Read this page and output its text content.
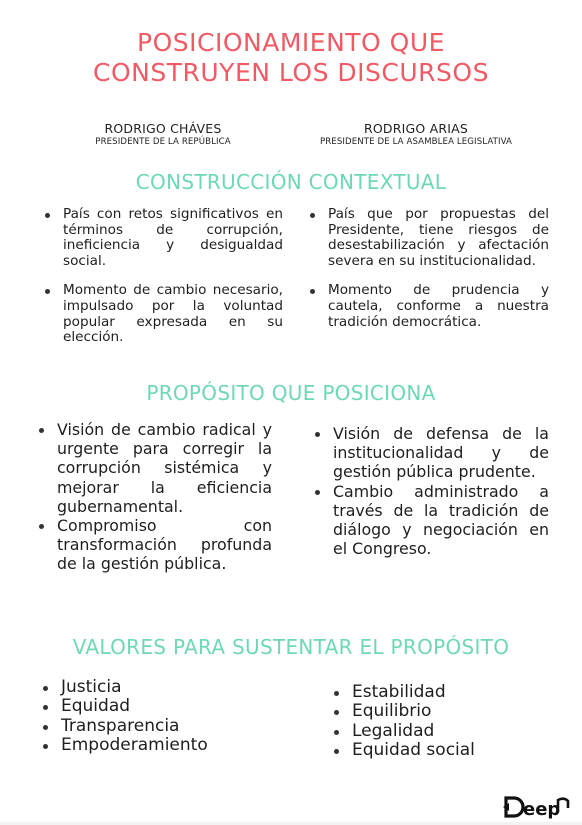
POSICIONAMIENTO QUE
CONSTRUYEN LOS DISCURSOS
RODRIGO CHÁVES
PRESIDENTE DE LA REPÚBLICA
RODRIGO ARIAS
PRESIDENTE DE LA ASAMBLEA LEGISLATIVA
CONSTRUCCIÓN CONTEXTUAL
País con retos significativos en términos de corrupción, ineficiencia y desigualdad social.
Momento de cambio necesario, impulsado por la voluntad popular expresada en su elección.
País que por propuestas del Presidente, tiene riesgos de desestabilización y afectación severa en su institucionalidad.
Momento de prudencia y cautela, conforme a nuestra tradición democrática.
PROPÓSITO QUE POSICIONA
Visión de cambio radical y urgente para corregir la corrupción sistémica y mejorar la eficiencia gubernamental.
Compromiso con transformación profunda de la gestión pública.
Visión de defensa de la institucionalidad y de gestión pública prudente.
Cambio administrado a través de la tradición de diálogo y negociación en el Congreso.
VALORES PARA SUSTENTAR EL PROPÓSITO
Justicia
Equidad
Transparencia
Empoderamiento
Estabilidad
Equilibrio
Legalidad
Equidad social
eep
